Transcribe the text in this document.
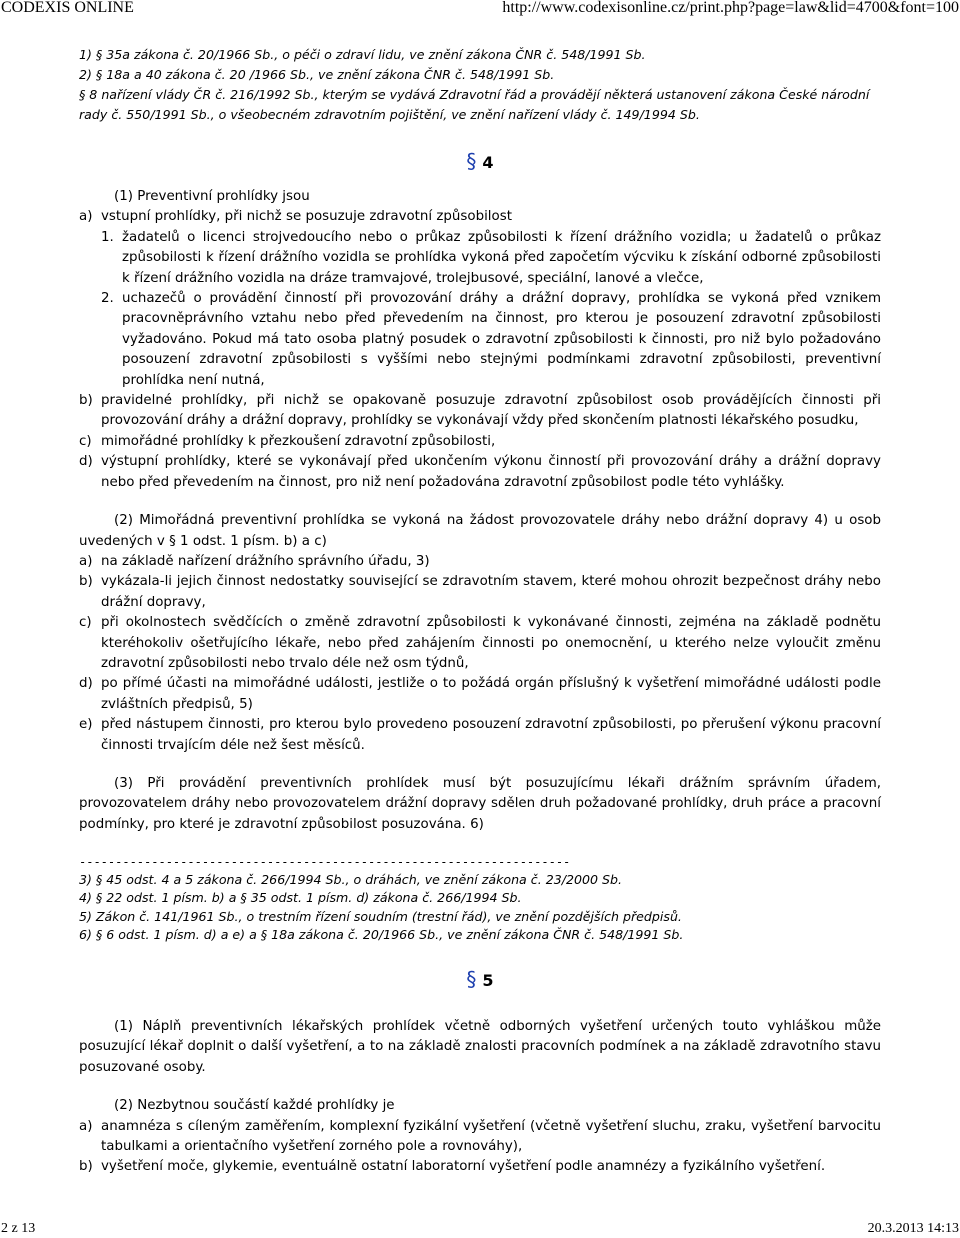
CODEXIS ONLINE	http://www.codexisonline.cz/print.php?page=law&lid=4700&font=100
1) § 35a zákona č. 20/1966 Sb., o péči o zdraví lidu, ve znění zákona ČNR č. 548/1991 Sb.
2) § 18a a 40 zákona č. 20 /1966 Sb., ve znění zákona ČNR č. 548/1991 Sb.
§ 8 nařízení vlády ČR č. 216/1992 Sb., kterým se vydává Zdravotní řád a provádějí některá ustanovení zákona České národní rady č. 550/1991 Sb., o všeobecném zdravotním pojištění, ve znění nařízení vlády č. 149/1994 Sb.
§ 4
(1) Preventivní prohlídky jsou
a) vstupní prohlídky, při nichž se posuzuje zdravotní způsobilost
1. žadatelů o licenci strojvedoucího nebo o průkaz způsobilosti k řízení drážního vozidla; u žadatelů o průkaz způsobilosti k řízení drážního vozidla se prohlídka vykoná před započetím výcviku k získání odborné způsobilosti k řízení drážního vozidla na dráze tramvajové, trolejbusové, speciální, lanové a vlečce,
2. uchazečů o provádění činností při provozování dráhy a drážní dopravy, prohlídka se vykoná před vznikem pracovněprávního vztahu nebo před převedením na činnost, pro kterou je posouzení zdravotní způsobilosti vyžadováno. Pokud má tato osoba platný posudek o zdravotní způsobilosti k činnosti, pro niž bylo požadováno posouzení zdravotní způsobilosti s vyššími nebo stejnými podmínkami zdravotní způsobilosti, preventivní prohlídka není nutná,
b) pravidelné prohlídky, při nichž se opakovaně posuzuje zdravotní způsobilost osob provádějících činnosti při provozování dráhy a drážní dopravy, prohlídky se vykonávají vždy před skončením platnosti lékařského posudku,
c) mimořádné prohlídky k přezkoušení zdravotní způsobilosti,
d) výstupní prohlídky, které se vykonávají před ukončením výkonu činností při provozování dráhy a drážní dopravy nebo před převedením na činnost, pro niž není požadována zdravotní způsobilost podle této vyhlášky.
(2) Mimořádná preventivní prohlídka se vykoná na žádost provozovatele dráhy nebo drážní dopravy 4) u osob uvedených v § 1 odst. 1 písm. b) a c)
a) na základě nařízení drážního správního úřadu, 3)
b) vykázala-li jejich činnost nedostatky související se zdravotním stavem, které mohou ohrozit bezpečnost dráhy nebo drážní dopravy,
c) při okolnostech svědčících o změně zdravotní způsobilosti k vykonávané činnosti, zejména na základě podnětu kteréhokoliv ošetřujícího lékaře, nebo před zahájením činnosti po onemocnění, u kterého nelze vyloučit změnu zdravotní způsobilosti nebo trvalo déle než osm týdnů,
d) po přímé účasti na mimořádné události, jestliže o to požádá orgán příslušný k vyšetření mimořádné události podle zvláštních předpisů, 5)
e) před nástupem činnosti, pro kterou bylo provedeno posouzení zdravotní způsobilosti, po přerušení výkonu pracovní činnosti trvajícím déle než šest měsíců.
(3) Při provádění preventivních prohlídek musí být posuzujícímu lékaři drážním správním úřadem, provozovatelem dráhy nebo provozovatelem drážní dopravy sdělen druh požadované prohlídky, druh práce a pracovní podmínky, pro které je zdravotní způsobilost posuzována. 6)
--------------------------------------------------------------------
3) § 45 odst. 4 a 5 zákona č. 266/1994 Sb., o dráhách, ve znění zákona č. 23/2000 Sb.
4) § 22 odst. 1 písm. b) a § 35 odst. 1 písm. d) zákona č. 266/1994 Sb.
5) Zákon č. 141/1961 Sb., o trestním řízení soudním (trestní řád), ve znění pozdějších předpisů.
6) § 6 odst. 1 písm. d) a e) a § 18a zákona č. 20/1966 Sb., ve znění zákona ČNR č. 548/1991 Sb.
§ 5
(1) Náplň preventivních lékařských prohlídek včetně odborných vyšetření určených touto vyhláškou může posuzující lékař doplnit o další vyšetření, a to na základě znalosti pracovních podmínek a na základě zdravotního stavu posuzované osoby.
(2) Nezbytnou součástí každé prohlídky je
a) anamnéza s cíleným zaměřením, komplexní fyzikální vyšetření (včetně vyšetření sluchu, zraku, vyšetření barvocitu tabulkami a orientačního vyšetření zorného pole a rovnováhy),
b) vyšetření moče, glykemie, eventuálně ostatní laboratorní vyšetření podle anamnézy a fyzikálního vyšetření.
2 z 13	20.3.2013 14:13
